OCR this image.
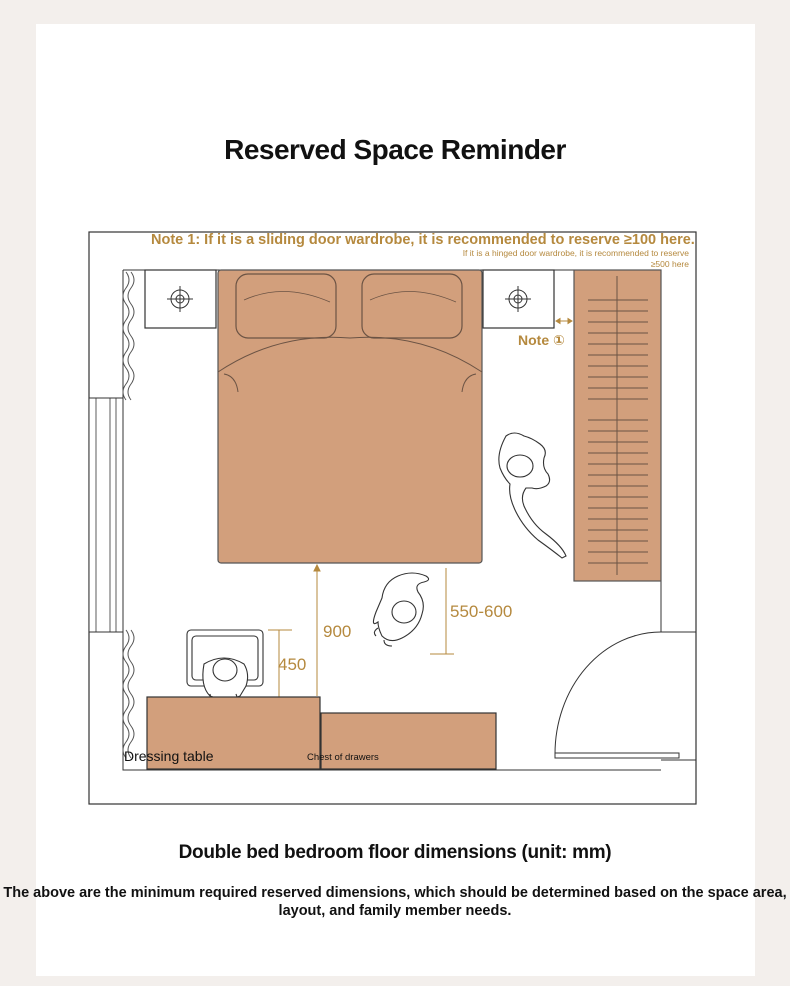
Reserved Space Reminder
Note 1: If it is a sliding door wardrobe, it is recommended to reserve ≥100 here.
If it is a hinged door wardrobe, it is recommended to reserve ≥500 here
Note ①
900
450
550-600
Dressing table	Chest of drawers
Double bed bedroom floor dimensions (unit: mm)
The above are the minimum required reserved dimensions, which should be determined based on the space area, layout, and family member needs.
